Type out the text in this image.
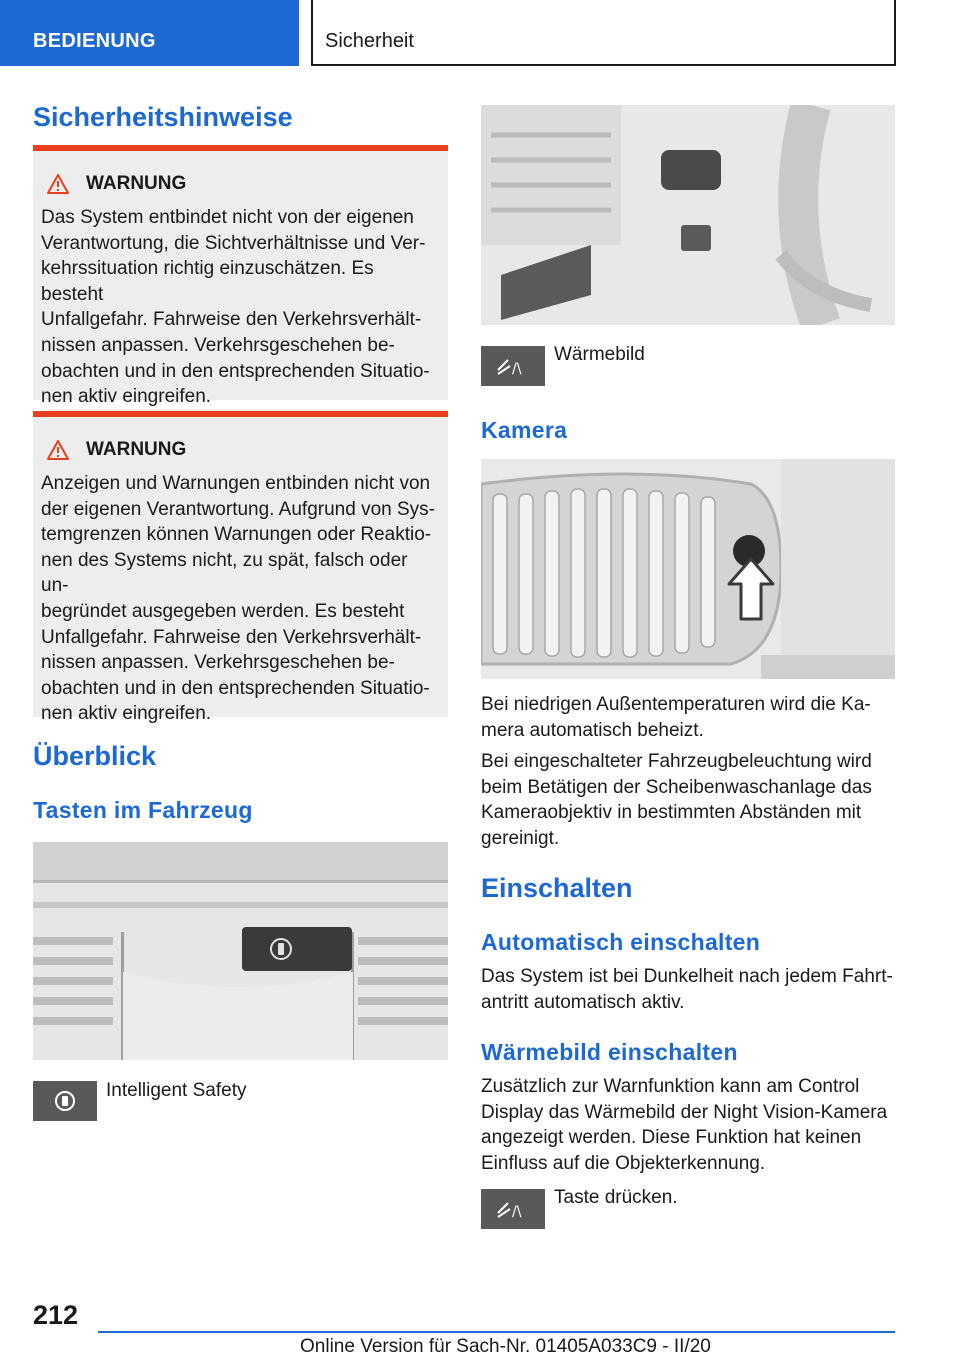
BEDIENUNG	Sicherheit
Sicherheitshinweise
WARNUNG
Das System entbindet nicht von der eigenen
Verantwortung, die Sichtverhältnisse und Ver‐
kehrssituation richtig einzuschätzen. Es besteht
Unfallgefahr. Fahrweise den Verkehrsverhält‐
nissen anpassen. Verkehrsgeschehen be‐
obachten und in den entsprechenden Situatio‐
nen aktiv eingreifen.
WARNUNG
Anzeigen und Warnungen entbinden nicht von
der eigenen Verantwortung. Aufgrund von Sys‐
temgrenzen können Warnungen oder Reaktio‐
nen des Systems nicht, zu spät, falsch oder un‐
begründet ausgegeben werden. Es besteht
Unfallgefahr. Fahrweise den Verkehrsverhält‐
nissen anpassen. Verkehrsgeschehen be‐
obachten und in den entsprechenden Situatio‐
nen aktiv eingreifen.
Überblick
Tasten im Fahrzeug
Intelligent Safety
/\
Wärmebild
Kamera
Bei niedrigen Außentemperaturen wird die Ka‐
mera automatisch beheizt.
Bei eingeschalteter Fahrzeugbeleuchtung wird
beim Betätigen der Scheibenwaschanlage das
Kameraobjektiv in bestimmten Abständen mit
gereinigt.
Einschalten
Automatisch einschalten
Das System ist bei Dunkelheit nach jedem Fahrt‐
antritt automatisch aktiv.
Wärmebild einschalten
Zusätzlich zur Warnfunktion kann am Control
Display das Wärmebild der Night Vision-Kamera
angezeigt werden. Diese Funktion hat keinen
Einfluss auf die Objekterkennung.
/\
Taste drücken.
212
Online Version für Sach-Nr. 01405A033C9 - II/20
